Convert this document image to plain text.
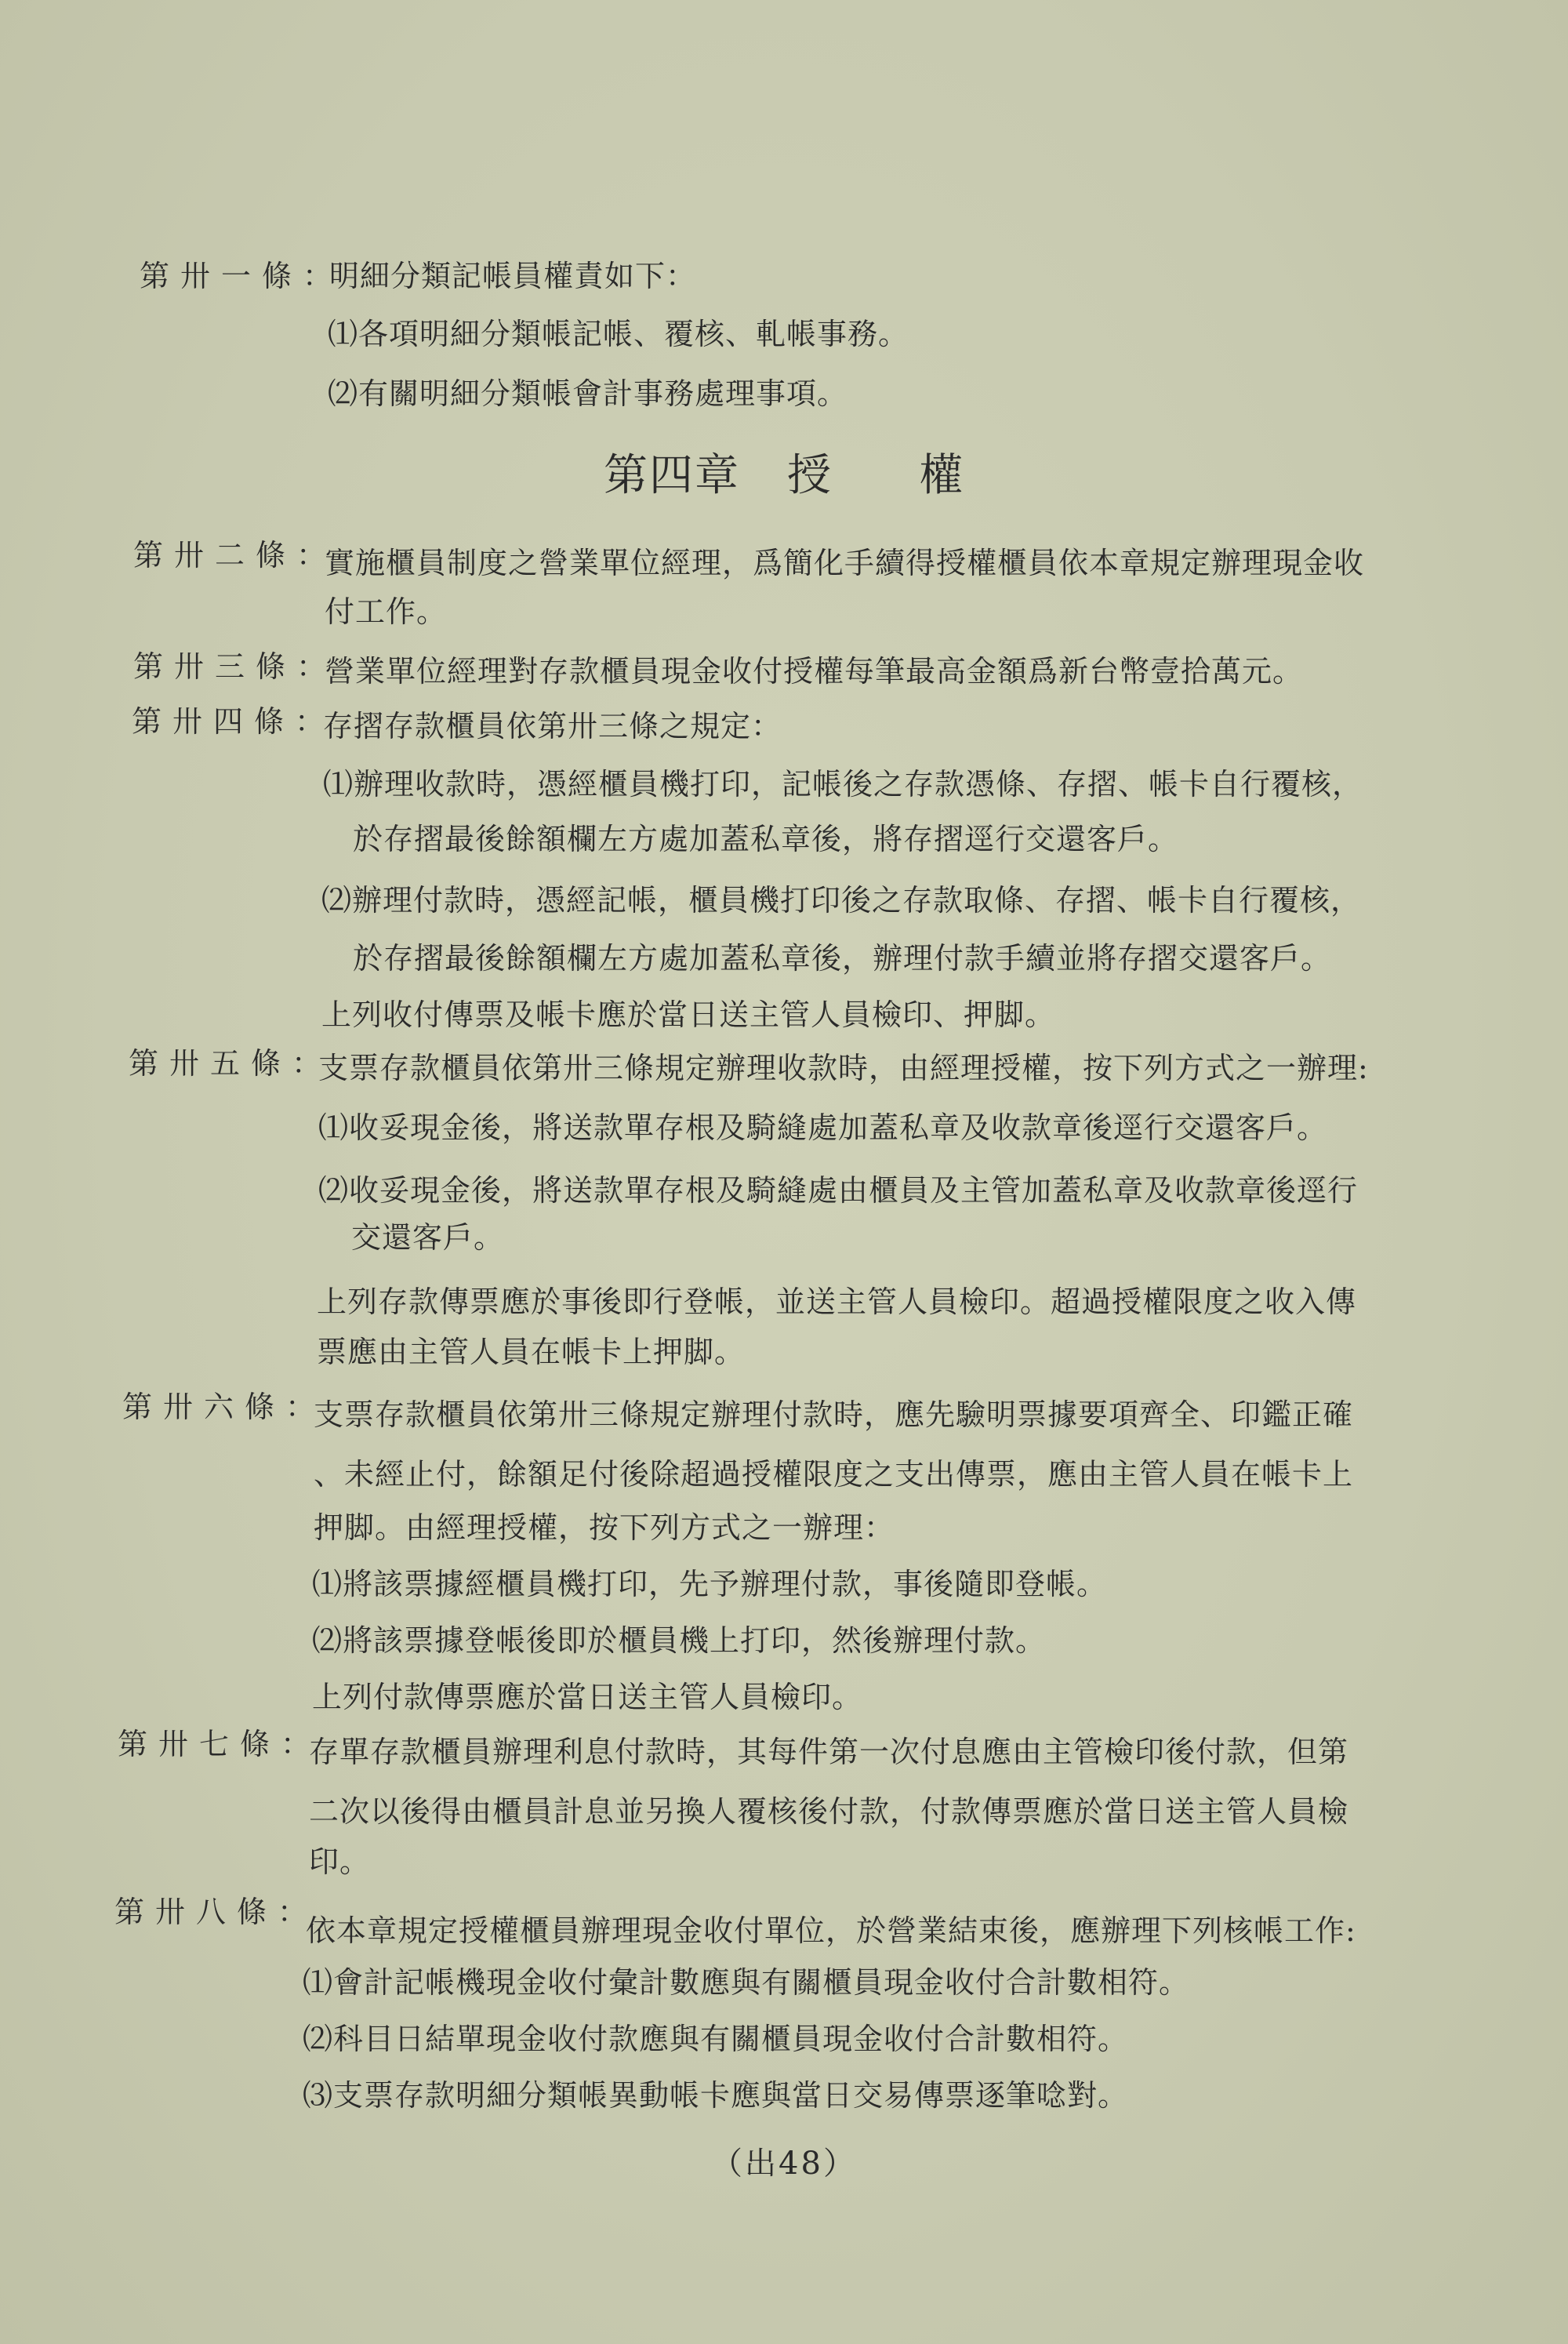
第卅一條：
明細分類記帳員權責如下：
⑴各項明細分類帳記帳、覆核、軋帳事務。
⑵有關明細分類帳會計事務處理事項。
第四章 授 權
第卅二條：
實施櫃員制度之營業單位經理，爲簡化手續得授權櫃員依本章規定辦理現金收
付工作。
第卅三條：
營業單位經理對存款櫃員現金收付授權每筆最高金額爲新台幣壹拾萬元。
第卅四條：
存摺存款櫃員依第卅三條之規定：
⑴辦理收款時，憑經櫃員機打印，記帳後之存款憑條、存摺、帳卡自行覆核，
於存摺最後餘額欄左方處加蓋私章後，將存摺逕行交還客戶。
⑵辦理付款時，憑經記帳，櫃員機打印後之存款取條、存摺、帳卡自行覆核，
於存摺最後餘額欄左方處加蓋私章後，辦理付款手續並將存摺交還客戶。
上列收付傳票及帳卡應於當日送主管人員檢印、押脚。
第卅五條：
支票存款櫃員依第卅三條規定辦理收款時，由經理授權，按下列方式之一辦理:
⑴收妥現金後，將送款單存根及騎縫處加蓋私章及收款章後逕行交還客戶。
⑵收妥現金後，將送款單存根及騎縫處由櫃員及主管加蓋私章及收款章後逕行
交還客戶。
上列存款傳票應於事後即行登帳，並送主管人員檢印。超過授權限度之收入傳
票應由主管人員在帳卡上押脚。
第卅六條：
支票存款櫃員依第卅三條規定辦理付款時，應先驗明票據要項齊全、印鑑正確
、未經止付，餘額足付後除超過授權限度之支出傳票，應由主管人員在帳卡上
押脚。由經理授權，按下列方式之一辦理：
⑴將該票據經櫃員機打印，先予辦理付款，事後隨即登帳。
⑵將該票據登帳後即於櫃員機上打印，然後辦理付款。
上列付款傳票應於當日送主管人員檢印。
第卅七條：
存單存款櫃員辦理利息付款時，其每件第一次付息應由主管檢印後付款，但第
二次以後得由櫃員計息並另換人覆核後付款，付款傳票應於當日送主管人員檢
印。
第卅八條：
依本章規定授權櫃員辦理現金收付單位，於營業結束後，應辦理下列核帳工作:
⑴會計記帳機現金收付彙計數應與有關櫃員現金收付合計數相符。
⑵科目日結單現金收付款應與有關櫃員現金收付合計數相符。
⑶支票存款明細分類帳異動帳卡應與當日交易傳票逐筆唸對。
（出48）
